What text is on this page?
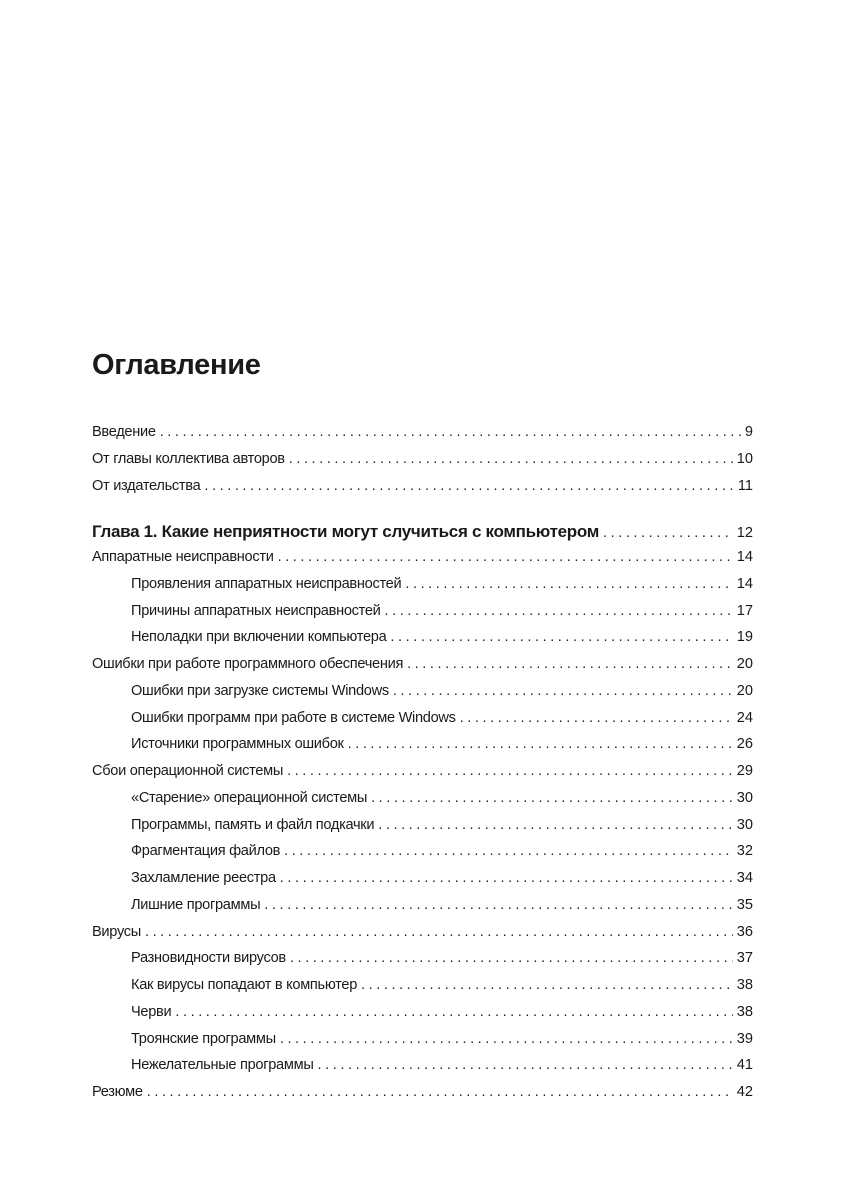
Оглавление
Введение . . .	9
От главы коллектива авторов . . .	10
От издательства . . .	11
Глава 1. Какие неприятности могут случиться с компьютером . . .	12
Аппаратные неисправности . . .	14
Проявления аппаратных неисправностей . . .	14
Причины аппаратных неисправностей . . .	17
Неполадки при включении компьютера . . .	19
Ошибки при работе программного обеспечения . . .	20
Ошибки при загрузке системы Windows . . .	20
Ошибки программ при работе в системе Windows . . .	24
Источники программных ошибок . . .	26
Сбои операционной системы . . .	29
«Старение» операционной системы . . .	30
Программы, память и файл подкачки . . .	30
Фрагментация файлов . . .	32
Захламление реестра . . .	34
Лишние программы . . .	35
Вирусы . . .	36
Разновидности вирусов . . .	37
Как вирусы попадают в компьютер . . .	38
Черви . . .	38
Троянские программы . . .	39
Нежелательные программы . . .	41
Резюме . . .	42
